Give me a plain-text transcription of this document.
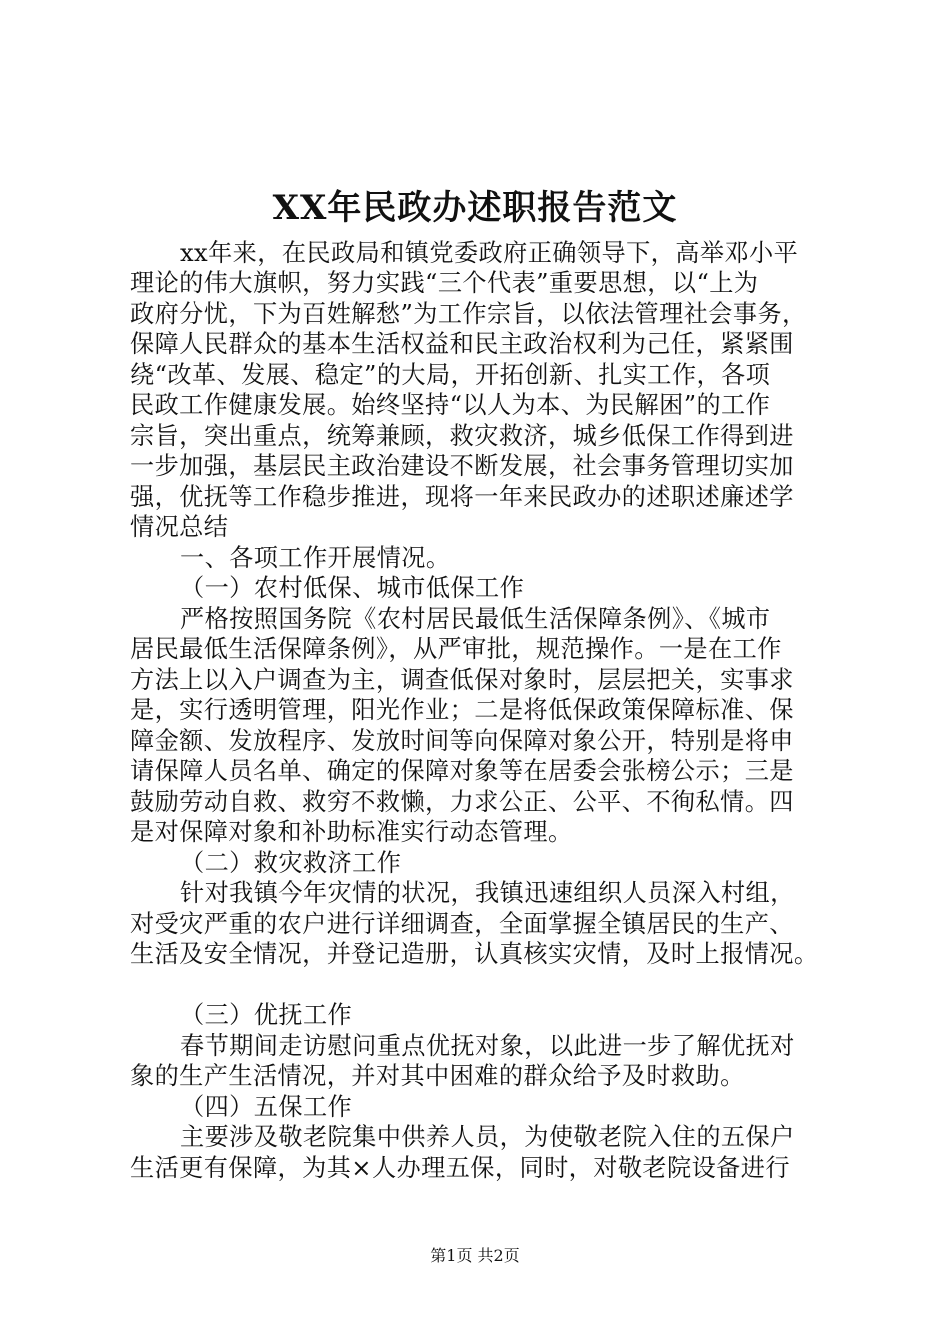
XX年民政办述职报告范文
xx年来，在民政局和镇党委政府正确领导下，高举邓小平
理论的伟大旗帜，努力实践“三个代表”重要思想，以“上为
政府分忧，下为百姓解愁”为工作宗旨，以依法管理社会事务，
保障人民群众的基本生活权益和民主政治权利为己任，紧紧围
绕“改革、发展、稳定”的大局，开拓创新、扎实工作，各项
民政工作健康发展。始终坚持“以人为本、为民解困”的工作
宗旨，突出重点，统筹兼顾，救灾救济，城乡低保工作得到进
一步加强，基层民主政治建设不断发展，社会事务管理切实加
强，优抚等工作稳步推进，现将一年来民政办的述职述廉述学
情况总结
一、各项工作开展情况。
（一）农村低保、城市低保工作
严格按照国务院《农村居民最低生活保障条例》、《城市
居民最低生活保障条例》，从严审批，规范操作。一是在工作
方法上以入户调查为主，调查低保对象时，层层把关，实事求
是，实行透明管理，阳光作业；二是将低保政策保障标准、保
障金额、发放程序、发放时间等向保障对象公开，特别是将申
请保障人员名单、确定的保障对象等在居委会张榜公示；三是
鼓励劳动自救、救穷不救懒，力求公正、公平、不徇私情。四
是对保障对象和补助标准实行动态管理。
（二）救灾救济工作
针对我镇今年灾情的状况，我镇迅速组织人员深入村组，
对受灾严重的农户进行详细调查，全面掌握全镇居民的生产、
生活及安全情况，并登记造册，认真核实灾情，及时上报情况。
（三）优抚工作
春节期间走访慰问重点优抚对象，以此进一步了解优抚对
象的生产生活情况，并对其中困难的群众给予及时救助。
（四）五保工作
主要涉及敬老院集中供养人员，为使敬老院入住的五保户
生活更有保障，为其×人办理五保，同时，对敬老院设备进行
第1页 共2页
